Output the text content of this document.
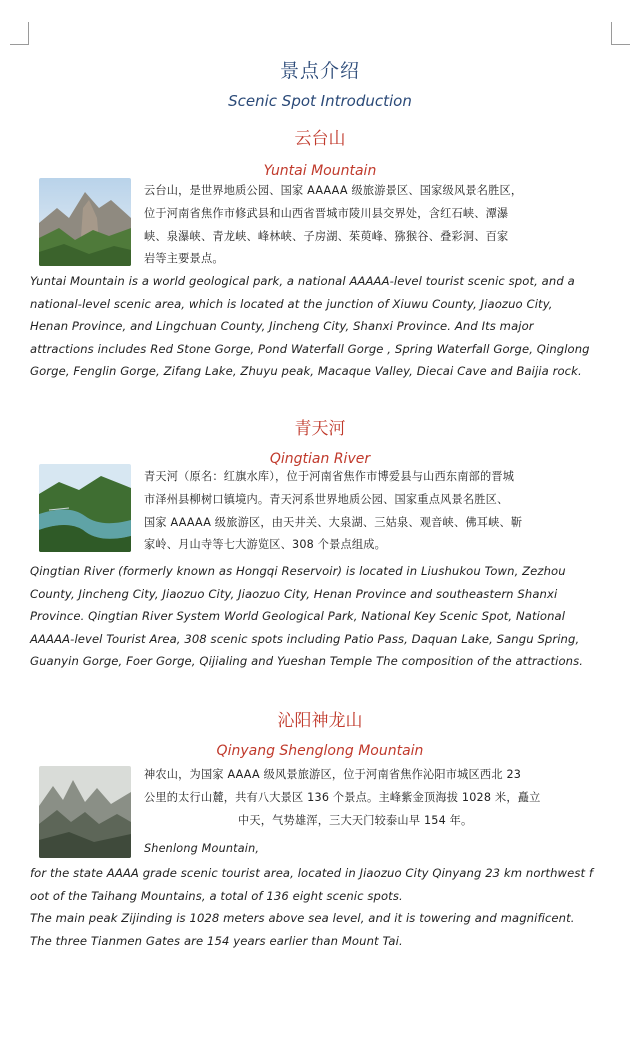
景点介绍
Scenic Spot Introduction
云台山
Yuntai Mountain
云台山，是世界地质公园、国家 AAAAA 级旅游景区、国家级风景名胜区，
位于河南省焦作市修武县和山西省晋城市陵川县交界处，含红石峡、潭瀑
峡、泉瀑峡、青龙峡、峰林峡、子房湖、茱萸峰、猕猴谷、叠彩洞、百家
岩等主要景点。
Yuntai Mountain is a world geological park, a national AAAAA-level tourist scenic spot, and a
national-level scenic area, which is located at the junction of Xiuwu County, Jiaozuo City,
Henan Province, and Lingchuan County, Jincheng City, Shanxi Province. And Its major
attractions includes Red Stone Gorge, Pond Waterfall Gorge , Spring Waterfall Gorge, Qinglong
Gorge, Fenglin Gorge, Zifang Lake, Zhuyu peak, Macaque Valley, Diecai Cave and Baijia rock.
青天河
Qingtian River
青天河（原名：红旗水库），位于河南省焦作市博爱县与山西东南部的晋城
市泽州县柳树口镇境内。青天河系世界地质公园、国家重点风景名胜区、
国家 AAAAA 级旅游区，由天井关、大泉湖、三姑泉、观音峡、佛耳峡、靳
家岭、月山寺等七大游览区、308 个景点组成。
Qingtian River (formerly known as Hongqi Reservoir) is located in Liushukou Town, Zezhou
County, Jincheng City, Jiaozuo City, Jiaozuo City, Henan Province and southeastern Shanxi
Province. Qingtian River System World Geological Park, National Key Scenic Spot, National
AAAAA-level Tourist Area, 308 scenic spots including Patio Pass, Daquan Lake, Sangu Spring,
Guanyin Gorge, Foer Gorge, Qijialing and Yueshan Temple The composition of the attractions.
沁阳神龙山
Qinyang Shenglong Mountain
神农山，为国家 AAAA 级风景旅游区，位于河南省焦作沁阳市城区西北 23
公里的太行山麓，共有八大景区 136 个景点。主峰紫金顶海拔 1028 米，矗立
中天，气势雄浑，三大天门较泰山早 154 年。
Shenlong Mountain,
for the state AAAA grade scenic tourist area, located in Jiaozuo City Qinyang 23 km northwest f
oot of the Taihang Mountains, a total of 136 eight scenic spots.
The main peak Zijinding is 1028 meters above sea level, and it is towering and magnificent.
The three Tianmen Gates are 154 years earlier than Mount Tai.
